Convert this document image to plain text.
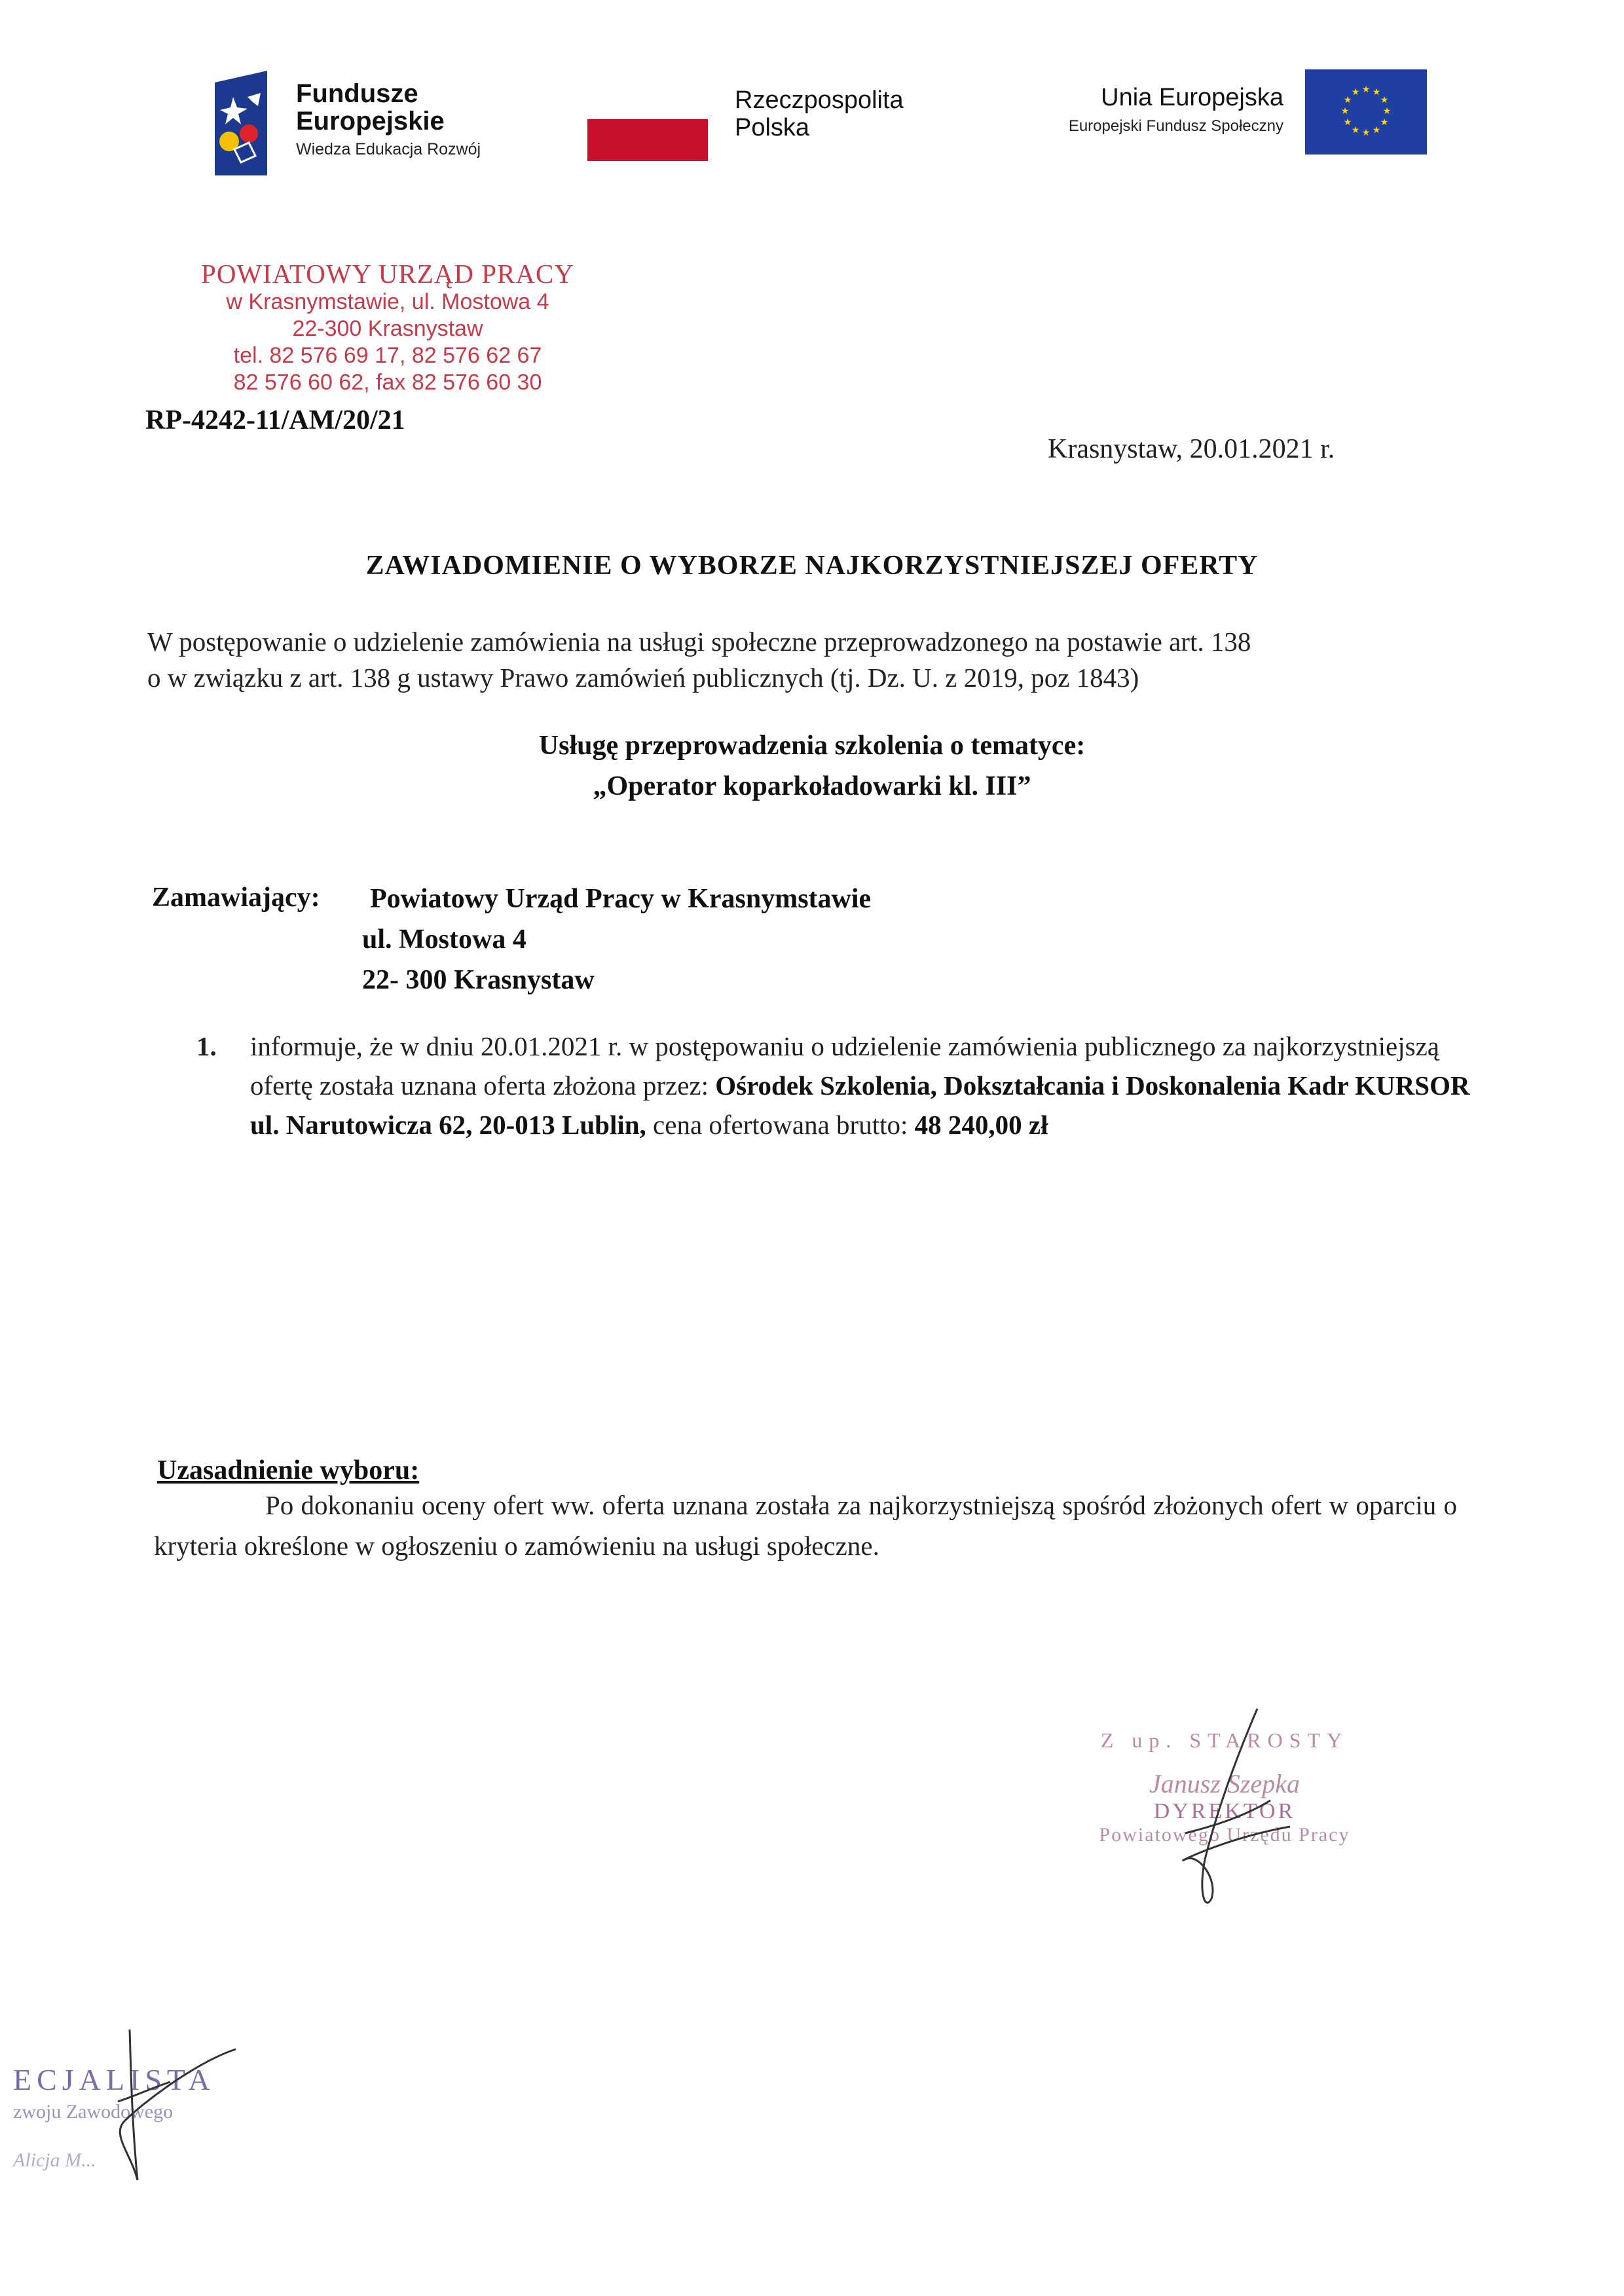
Fundusze
Europejskie
Wiedza Edukacja Rozwój
Rzeczpospolita
Polska
Unia Europejska
Europejski Fundusz Społeczny
★ ★
★
★
★
★
★
★
★
★
★
★
POWIATOWY URZĄD PRACY
w Krasnymstawie, ul. Mostowa 4
22-300 Krasnystaw
tel. 82 576 69 17, 82 576 62 67
82 576 60 62, fax 82 576 60 30
RP-4242-11/AM/20/21
Krasnystaw, 20.01.2021 r.
ZAWIADOMIENIE O WYBORZE NAJKORZYSTNIEJSZEJ OFERTY
W postępowanie o udzielenie zamówienia na usługi społeczne przeprowadzonego na postawie art. 138
o w związku z art. 138 g ustawy Prawo zamówień publicznych (tj. Dz. U. z 2019, poz 1843)
Usługę przeprowadzenia szkolenia o tematyce:
„Operator koparkoładowarki kl. III”
Zamawiający: Powiatowy Urząd Pracy w Krasnymstawie
ul. Mostowa 4
22- 300 Krasnystaw
1. informuje, że w dniu 20.01.2021 r. w postępowaniu o udzielenie zamówienia publicznego za najkorzystniejszą ofertę została uznana oferta złożona przez: Ośrodek Szkolenia, Dokształcania i Doskonalenia Kadr KURSOR ul. Narutowicza 62, 20-013 Lublin, cena ofertowana brutto: 48 240,00 zł
Uzasadnienie wyboru:
Po dokonaniu oceny ofert ww. oferta uznana została za najkorzystniejszą spośród złożonych ofert w oparciu o kryteria określone w ogłoszeniu o zamówieniu na usługi społeczne.
Z up. STAROSTY
Janusz Szepka
DYREKTOR
Powiatowego Urzędu Pracy
ECJALISTA
zwoju Zawodowego
Alicja M...
